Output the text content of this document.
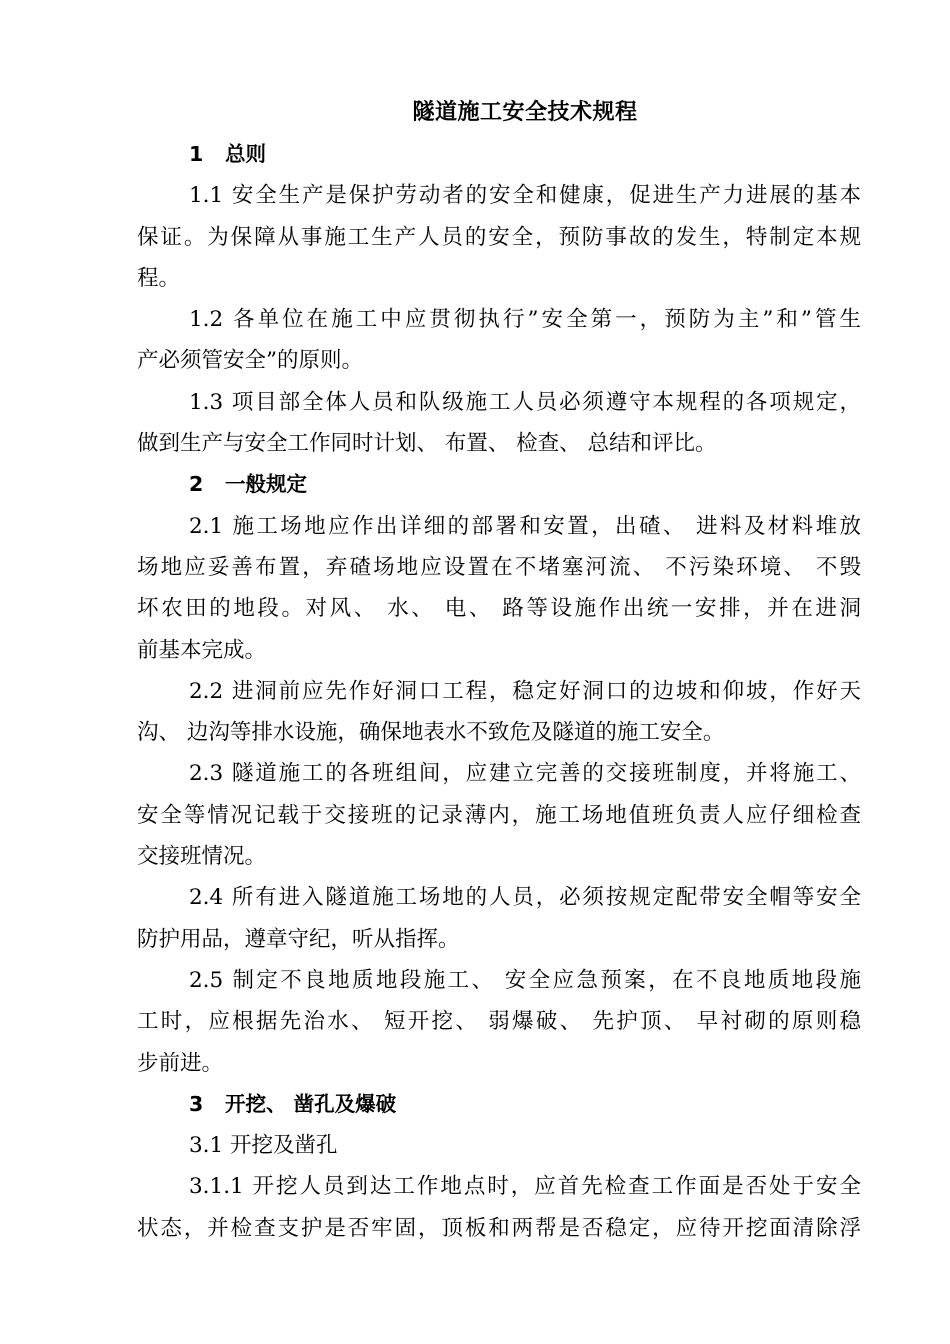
隧道施工安全技术规程
1 总则
1.1 安全生产是保护劳动者的安全和健康，促进生产力进展的基本
保证。为保障从事施工生产人员的安全，预防事故的发生，特制定本规
程。
1.2 各单位在施工中应贯彻执行”安全第一，预防为主”和”管生
产必须管安全”的原则。
1.3 项目部全体人员和队级施工人员必须遵守本规程的各项规定，
做到生产与安全工作同时计划、 布置、 检查、 总结和评比。
2 一般规定
2.1 施工场地应作出详细的部署和安置，出碴、 进料及材料堆放
场地应妥善布置，弃碴场地应设置在不堵塞河流、 不污染环境、 不毁
坏农田的地段。对风、 水、 电、 路等设施作出统一安排，并在进洞
前基本完成。
2.2 进洞前应先作好洞口工程，稳定好洞口的边坡和仰坡，作好天
沟、 边沟等排水设施，确保地表水不致危及隧道的施工安全。
2.3 隧道施工的各班组间，应建立完善的交接班制度，并将施工、
安全等情况记载于交接班的记录薄内，施工场地值班负责人应仔细检查
交接班情况。
2.4 所有进入隧道施工场地的人员，必须按规定配带安全帽等安全
防护用品，遵章守纪，听从指挥。
2.5 制定不良地质地段施工、 安全应急预案，在不良地质地段施
工时，应根据先治水、 短开挖、 弱爆破、 先护顶、 早衬砌的原则稳
步前进。
3 开挖、 凿孔及爆破
3.1 开挖及凿孔
3.1.1 开挖人员到达工作地点时，应首先检查工作面是否处于安全
状态，并检查支护是否牢固，顶板和两帮是否稳定，应待开挖面清除浮
